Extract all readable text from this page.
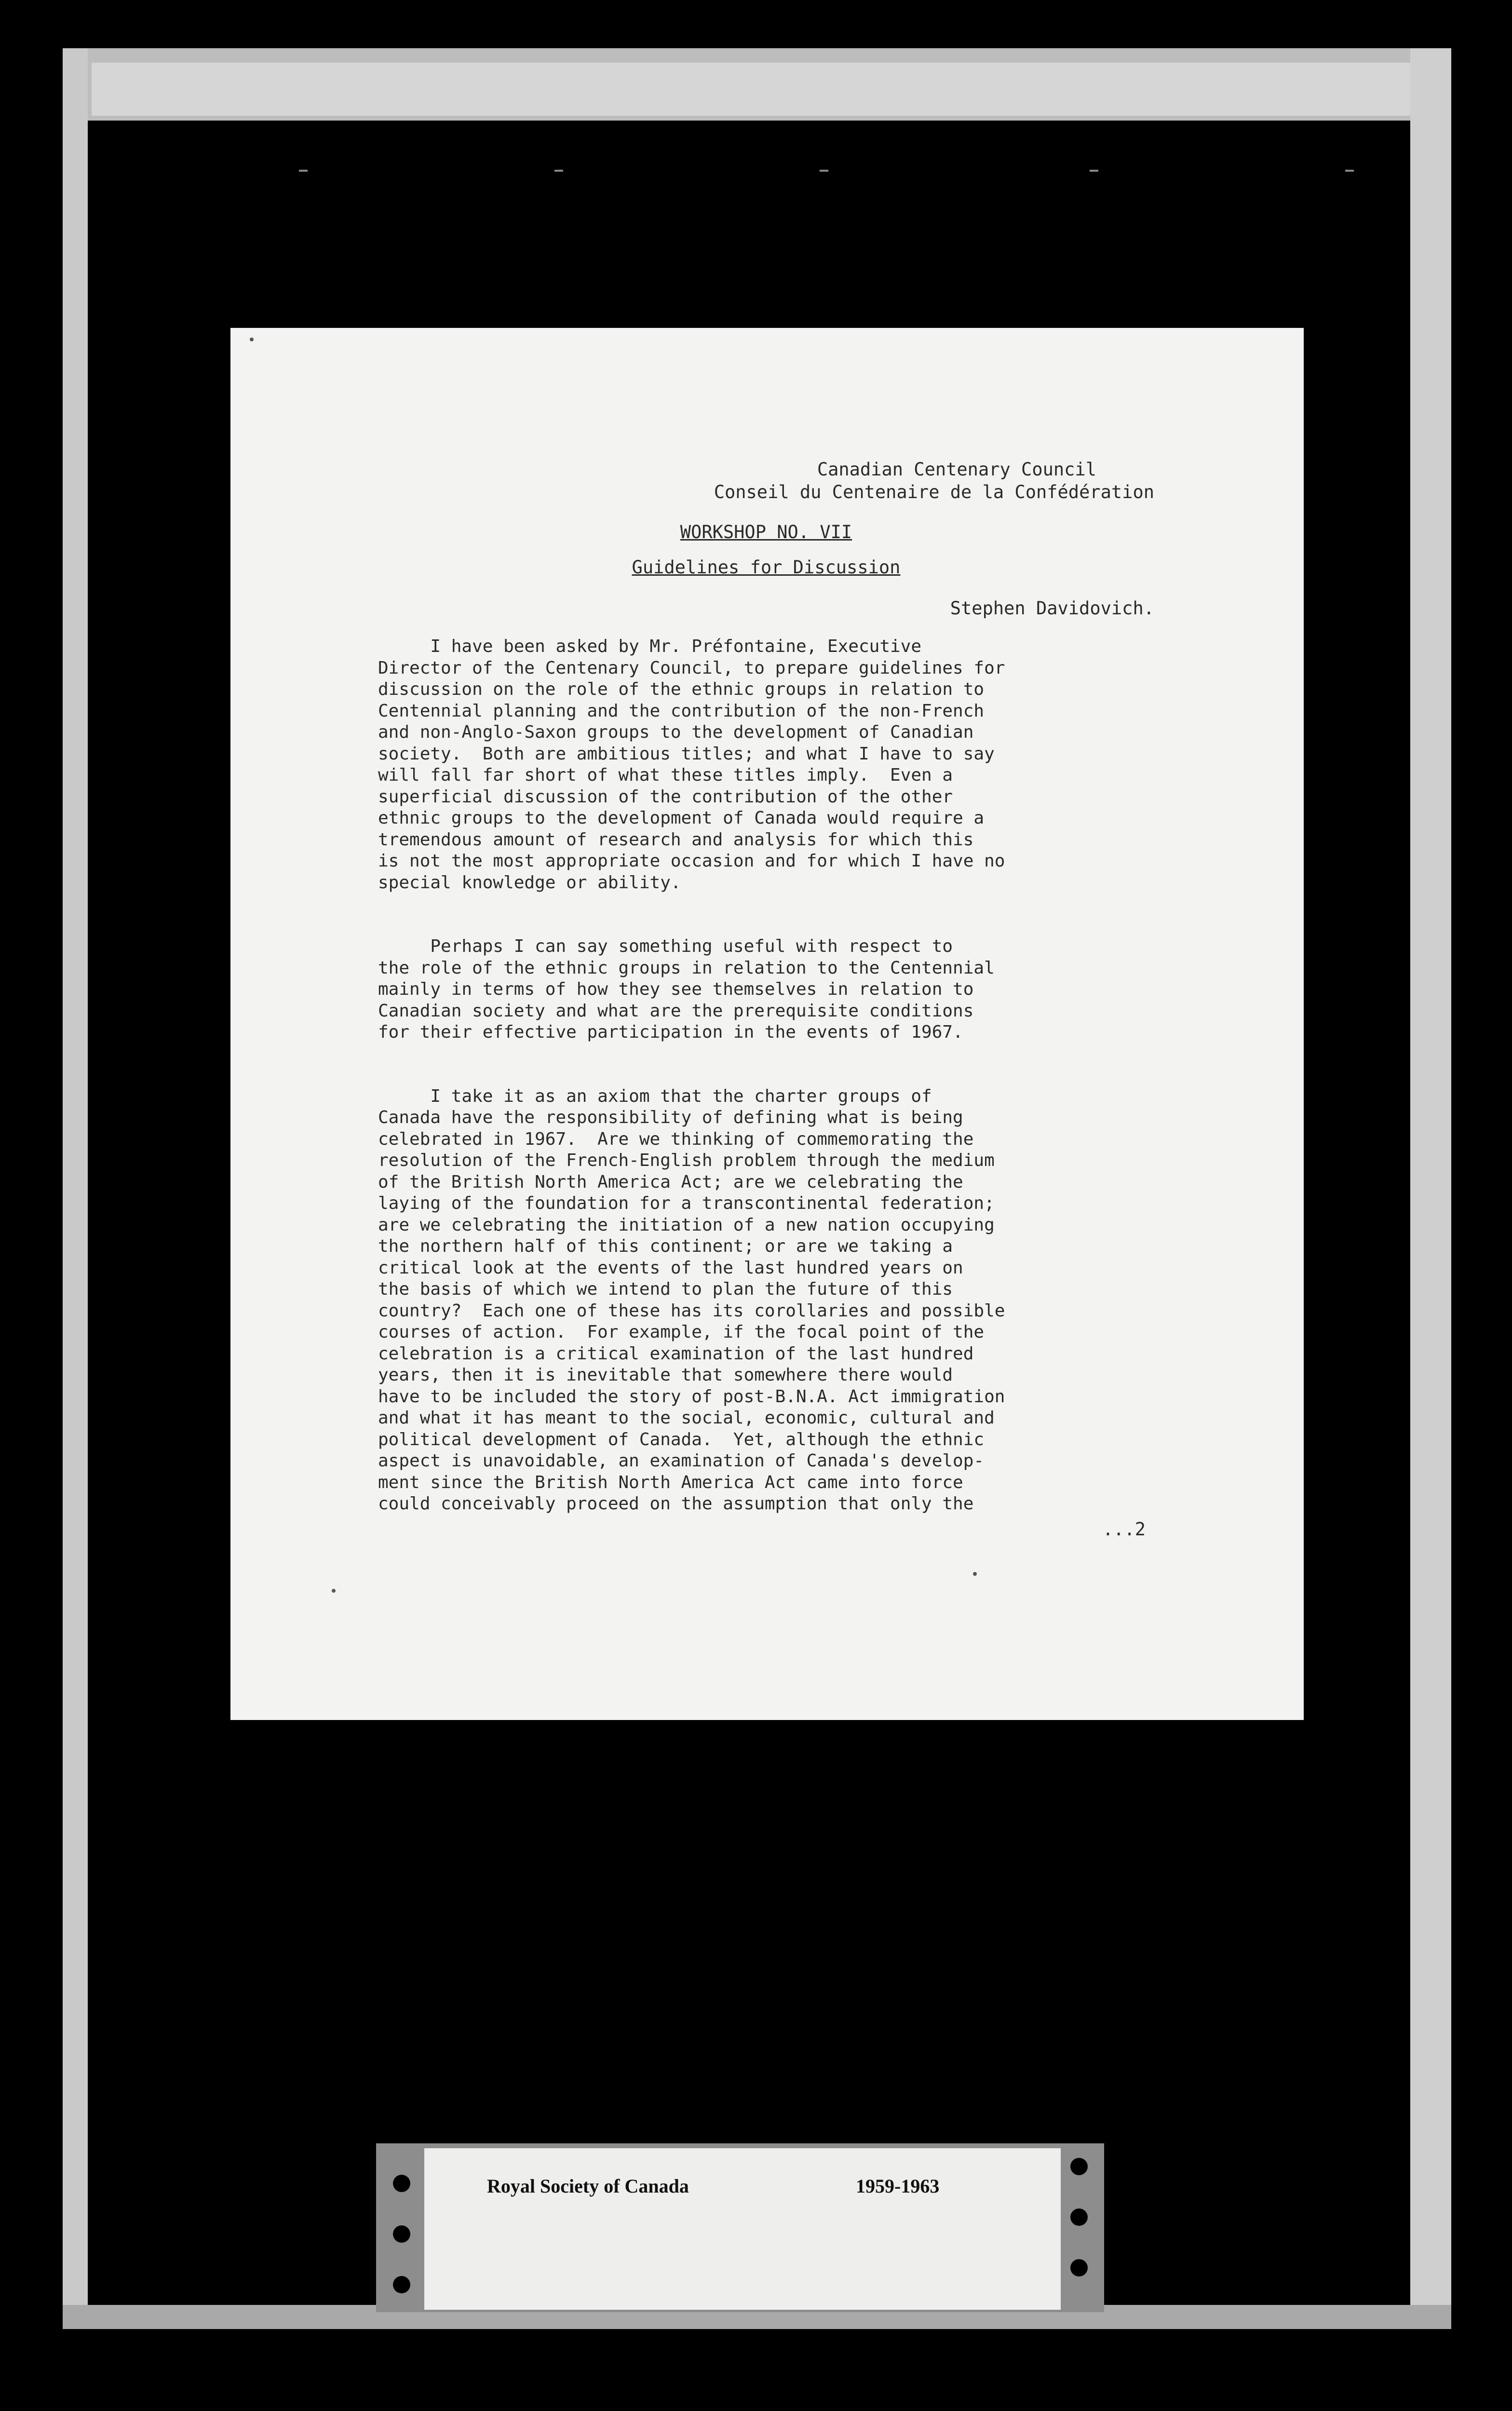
Canadian Centenary Council
Conseil du Centenaire de la Confédération
WORKSHOP NO. VII
Guidelines for Discussion
Stephen Davidovich.

I have been asked by Mr. Préfontaine, Executive
Director of the Centenary Council, to prepare guidelines for
discussion on the role of the ethnic groups in relation to
Centennial planning and the contribution of the non-French
and non-Anglo-Saxon groups to the development of Canadian
society.  Both are ambitious titles; and what I have to say
will fall far short of what these titles imply.  Even a
superficial discussion of the contribution of the other
ethnic groups to the development of Canada would require a
tremendous amount of research and analysis for which this
is not the most appropriate occasion and for which I have no
special knowledge or ability.

Perhaps I can say something useful with respect to
the role of the ethnic groups in relation to the Centennial
mainly in terms of how they see themselves in relation to
Canadian society and what are the prerequisite conditions
for their effective participation in the events of 1967.

I take it as an axiom that the charter groups of
Canada have the responsibility of defining what is being
celebrated in 1967.  Are we thinking of commemorating the
resolution of the French-English problem through the medium
of the British North America Act; are we celebrating the
laying of the foundation for a transcontinental federation;
are we celebrating the initiation of a new nation occupying
the northern half of this continent; or are we taking a
critical look at the events of the last hundred years on
the basis of which we intend to plan the future of this
country?  Each one of these has its corollaries and possible
courses of action.  For example, if the focal point of the
celebration is a critical examination of the last hundred
years, then it is inevitable that somewhere there would
have to be included the story of post-B.N.A. Act immigration
and what it has meant to the social, economic, cultural and
political development of Canada.  Yet, although the ethnic
aspect is unavoidable, an examination of Canada's develop-
ment since the British North America Act came into force
could conceivably proceed on the assumption that only the

...2
Royal Society of Canada	1959-1963
